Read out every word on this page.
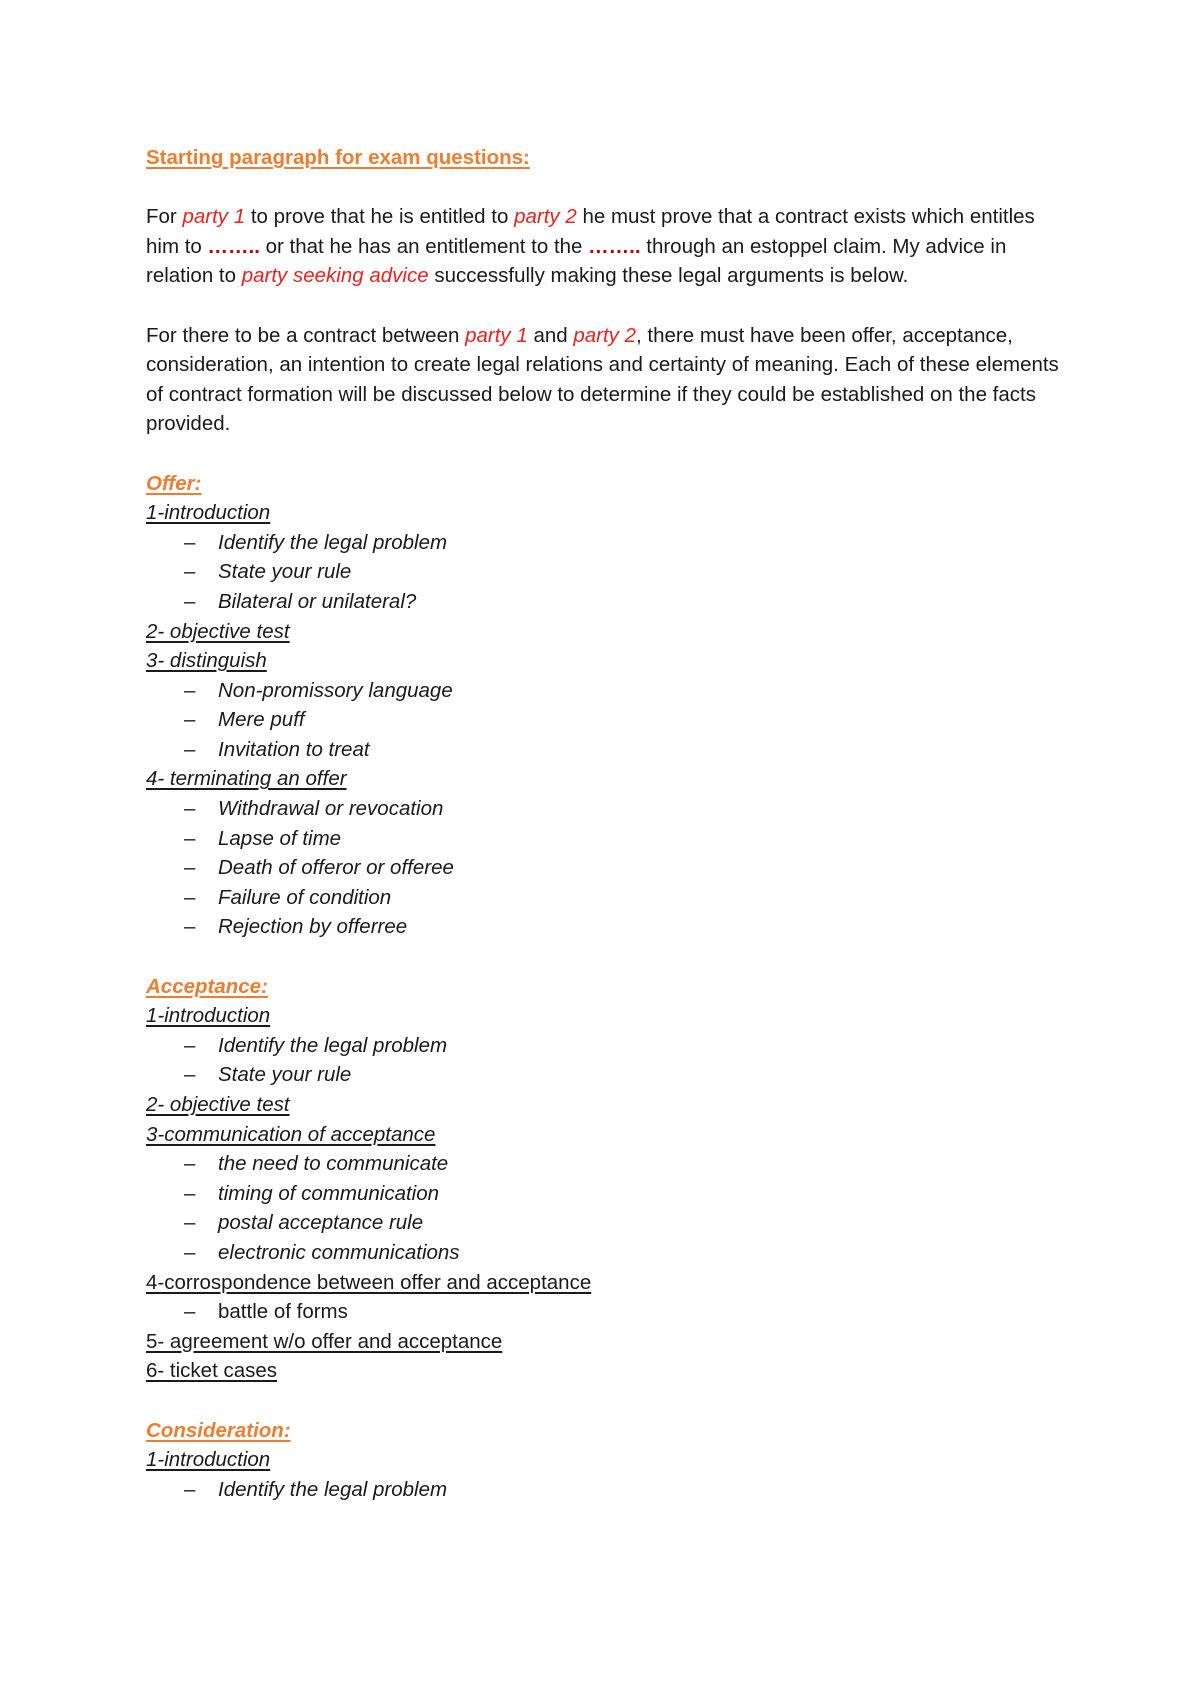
Starting paragraph for exam questions:

For party 1 to prove that he is entitled to party 2 he must prove that a contract exists which entitles him to …….. or that he has an entitlement to the …….. through an estoppel claim. My advice in relation to party seeking advice successfully making these legal arguments is below.

For there to be a contract between party 1 and party 2, there must have been offer, acceptance, consideration, an intention to create legal relations and certainty of meaning. Each of these elements of contract formation will be discussed below to determine if they could be established on the facts provided.

Offer:
1-introduction
– Identify the legal problem
– State your rule
– Bilateral or unilateral?
2- objective test
3- distinguish
– Non-promissory language
– Mere puff
– Invitation to treat
4- terminating an offer
– Withdrawal or revocation
– Lapse of time
– Death of offeror or offeree
– Failure of condition
– Rejection by offerree
Acceptance:
1-introduction
– Identify the legal problem
– State your rule
2- objective test
3-communication of acceptance
– the need to communicate
– timing of communication
– postal acceptance rule
– electronic communications
4-corrospondence between offer and acceptance
– battle of forms
5- agreement w/o offer and acceptance
6- ticket cases
Consideration:
1-introduction
– Identify the legal problem
